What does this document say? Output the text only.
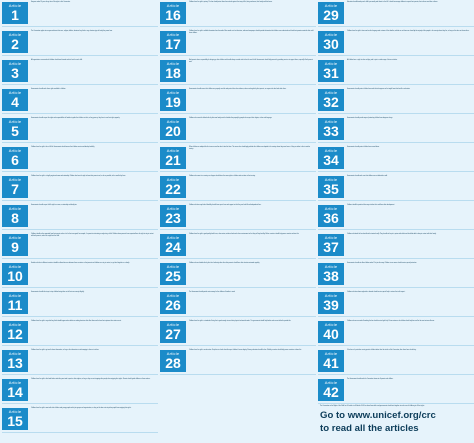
Article
1
Everyone under 18 years of age has all the rights in this Convention.
Article
2
The Convention applies to everyone whatever their race, religion, abilities, whatever they think or say, whatever type of family they come from.
Article
3
All organisations concerned with children should work towards what is best for each child.
Article
4
Governments should make these rights available to children.
Article
5
Governments should respect the rights and responsibilities of families to guide their children so that, as they grow up, they learn to use their rights properly.
Article
6
Children have the right to live a full life. Governments should ensure that children survive and develop healthily.
Article
7
Children have the right to a legally registered name and nationality. Children also have the right to know their parents and, as far as possible, to be cared for by them.
Article
8
Governments should respect child's right to a name, a nationality and family ties.
Article
9
Children should not be separated from their parents unless it is for their own good, for example, if a parent is mistreating or neglecting a child. Children whose parents have separated have the right to stay in contact with both parents, unless this might hurt the child.
Article
10
Families who live in different countries should be allowed to move between those countries so that parents and children can stay in contact, or get back together as a family.
Article
11
Governments should take steps to stop children being taken out of their own country illegally.
Article
12
Children have the right to say what they think should happen when adults are making decisions that affect them and to have their opinions taken into account.
Article
13
Children have the right to get and to share information, as long as the information is not damaging to them or to others.
Article
14
Children have the right to think and believe what they want and to practise their religion, as long as they are not stopping other people from enjoying their rights. Parents should guide children on these matters.
Article
15
Children have the right to meet with other children and young people and to join groups and organisations, as long as this does not stop other people from enjoying their rights.
Article
16
Children have the right to privacy. The law should protect them from attacks against their way of life, their good name, their family and their home.
Article
17
Children have the right to reliable information from the media. Mass media such as television, radio and newspapers should provide information that children can understand and should not promote materials that could harm children.
Article
18
Both parents share responsibility for bringing up their children and should always consider what is best for each child. Governments should help parents by providing services to support them, especially if both parents work.
Article
19
Governments should ensure that children are properly cared for and protect them from violence, abuse and neglect by their parents, or anyone else who looks after them.
Article
20
Children who cannot be looked after by their own family must be looked after properly by people who respect their religion, culture and language.
Article
21
When children are adopted the first concern must be what is best for them. The same rules should apply whether the children are adopted in the country where they were born or if they are taken to live in another country.
Article
22
Children who come into a country as refugees should have the same rights as children who are born in that country.
Article
23
Children who have any kind of disability should have special care and support so that they can lead full and independent lives.
Article
24
Children have the right to good quality health care, clean water, nutritious food and a clean environment so that they will stay healthy. Richer countries should help poorer countries achieve this.
Article
25
Children who are looked after by their local authority rather than their parents should have their situation reviewed regularly.
Article
26
The Government should provide extra money for the children of families in need.
Article
27
Children have the right to a standard of living that is good enough to meet their physical and mental needs. The government should help families who cannot afford to provide this.
Article
28
Children have the right to an education. Discipline in schools should respect children's human dignity. Primary education should be free. Wealthy countries should help poorer countries achieve this.
Article
29
Education should develop each child's personality and talents to the full. It should encourage children to respect their parents, their cultures and other cultures.
Article
30
Children have the right to learn and use the language and customs of their families, whether or not these are shared by the majority of the people in the country where they live, as long as this does not harm others.
Article
31
All children have a right to relax and play, and to join in a wide range of leisure activities.
Article
32
Governments should protect children from work that is dangerous or that might harm their health or education.
Article
33
Governments should provide ways of protecting children from dangerous drugs.
Article
34
Governments should protect children from sexual abuse.
Article
35
Governments should make sure that children are not abducted or sold.
Article
36
Children should be protected from any activities that could harm their development.
Article
37
Children who break the law should not be treated cruelly. They should not be put in prison with adults and should be able to keep in contact with their family.
Article
38
Governments should not allow children under 15 to join the army. Children in war zones should receive special protection.
Article
39
Children who have been neglected or abused should receive special help to restore their self-respect.
Article
40
Children who are accused of breaking the law should receive legal help. Prison sentences for children should only be used for the most serious offences.
Article
41
If the laws of a particular country protects children better than the articles of the Convention, then those laws should stay.
Article
42
The Government should make the Convention known to all parents and children.

The Convention on the Rights of the Child has 54 articles in all. Articles 43-54 are about how adults and governments should work together to make sure all children get all their rights.

Go to www.unicef.org/crc
to read all the articles
